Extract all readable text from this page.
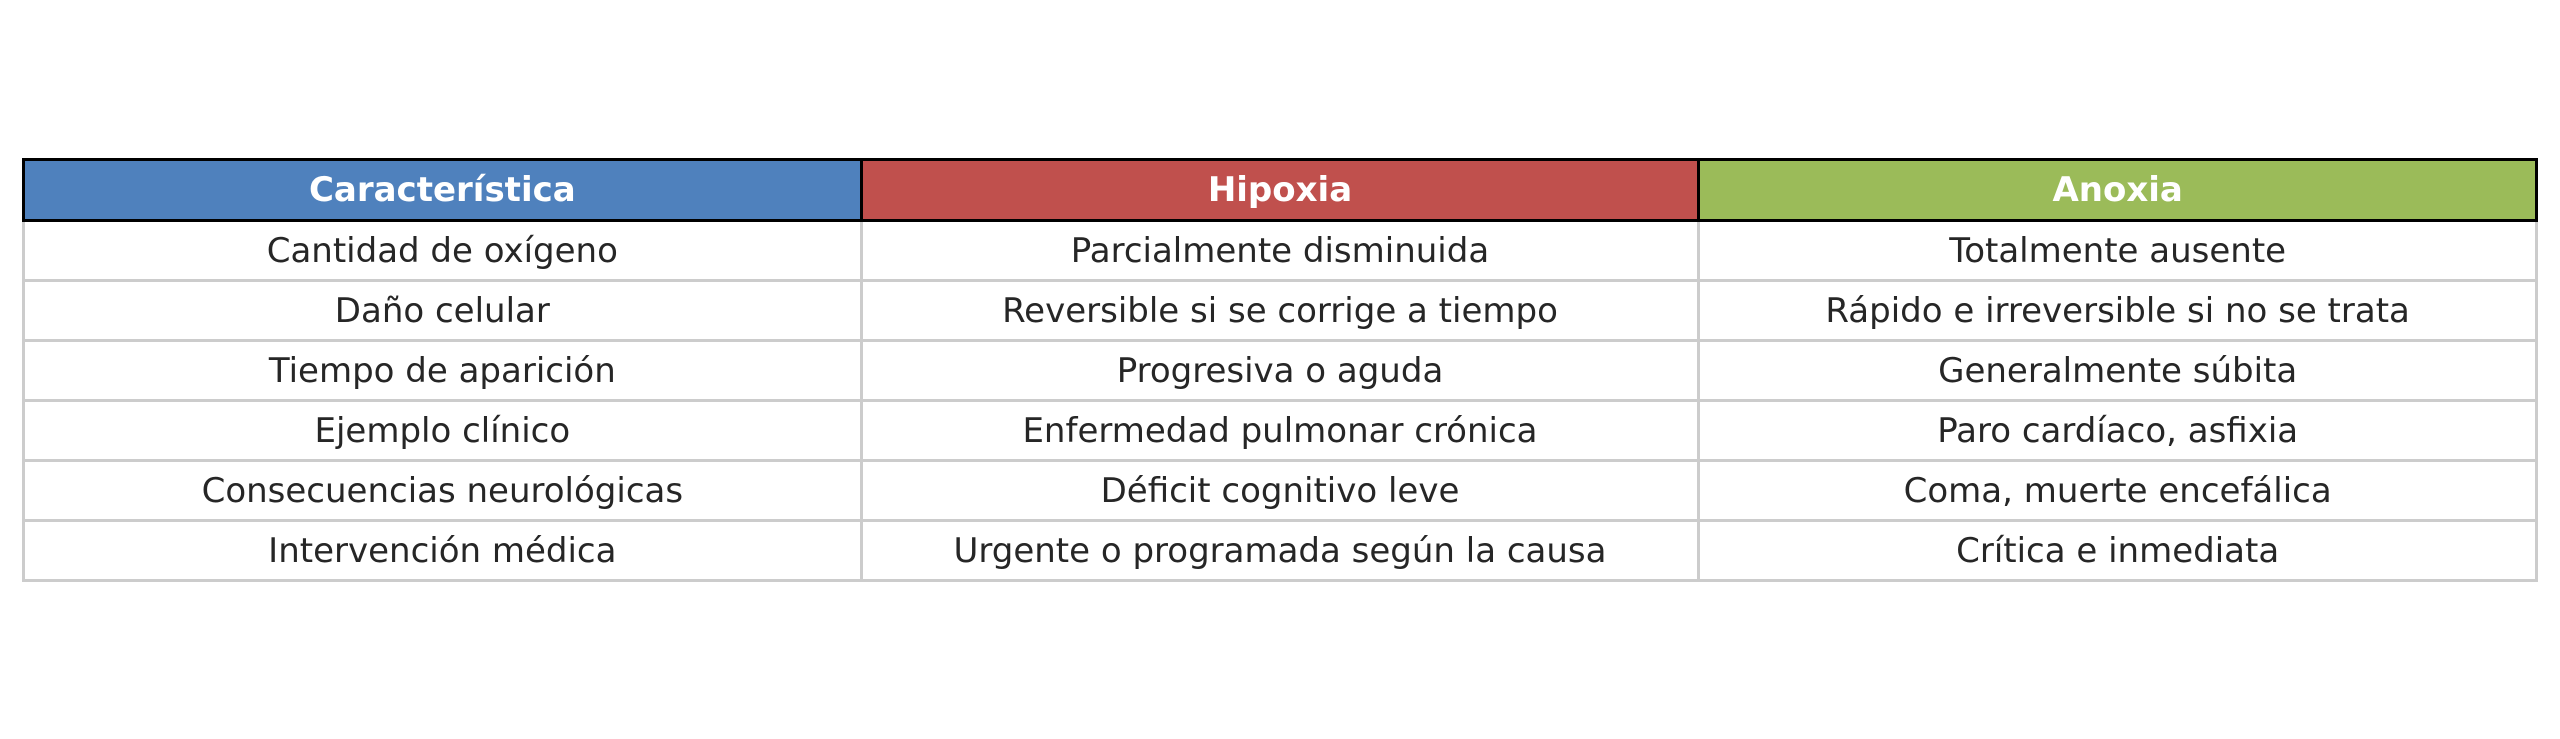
Característica	Hipoxia	Anoxia
Cantidad de oxígeno	Parcialmente disminuida	Totalmente ausente
Daño celular	Reversible si se corrige a tiempo	Rápido e irreversible si no se trata
Tiempo de aparición	Progresiva o aguda	Generalmente súbita
Ejemplo clínico	Enfermedad pulmonar crónica	Paro cardíaco, asfixia
Consecuencias neurológicas	Déficit cognitivo leve	Coma, muerte encefálica
Intervención médica	Urgente o programada según la causa	Crítica e inmediata
